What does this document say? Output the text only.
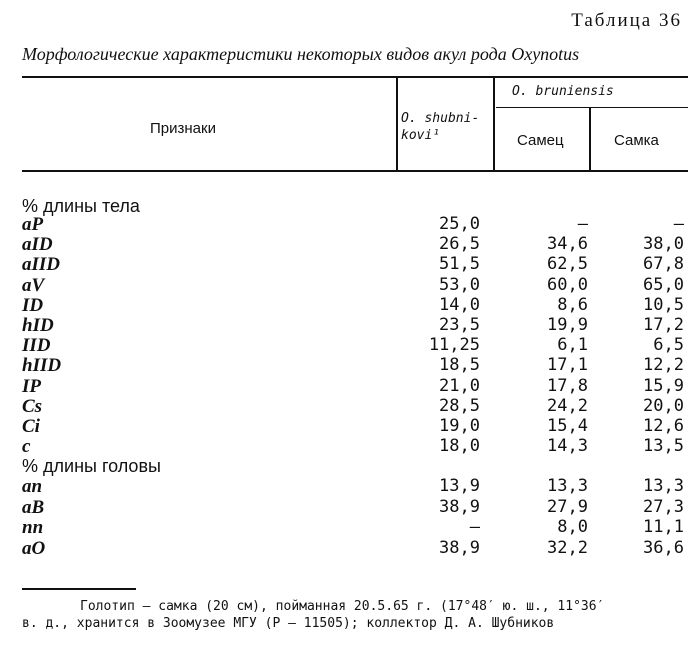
Таблица 36
Морфологические характеристики некоторых видов акул рода Oxynotus
Признаки
O. shubni-kovi¹
O. bruniensis
Самец	Самка
% длины тела
aP	25,0	—	—
aID	26,5	34,6	38,0
aIID	51,5	62,5	67,8
aV	53,0	60,0	65,0
ID	14,0	8,6	10,5
hID	23,5	19,9	17,2
IID	11,25	6,1	6,5
hIID	18,5	17,1	12,2
IP	21,0	17,8	15,9
Cs	28,5	24,2	20,0
Ci	19,0	15,4	12,6
c	18,0	14,3	13,5
% длины головы
an	13,9	13,3	13,3
aB	38,9	27,9	27,3
nn	—	8,0	11,1
aO	38,9	32,2	36,6
Голотип — самка (20 см), пойманная 20.5.65 г. (17°48′ ю. ш., 11°36′
в. д., хранится в Зоомузее МГУ (Р — 11505); коллектор Д. А. Шубников
